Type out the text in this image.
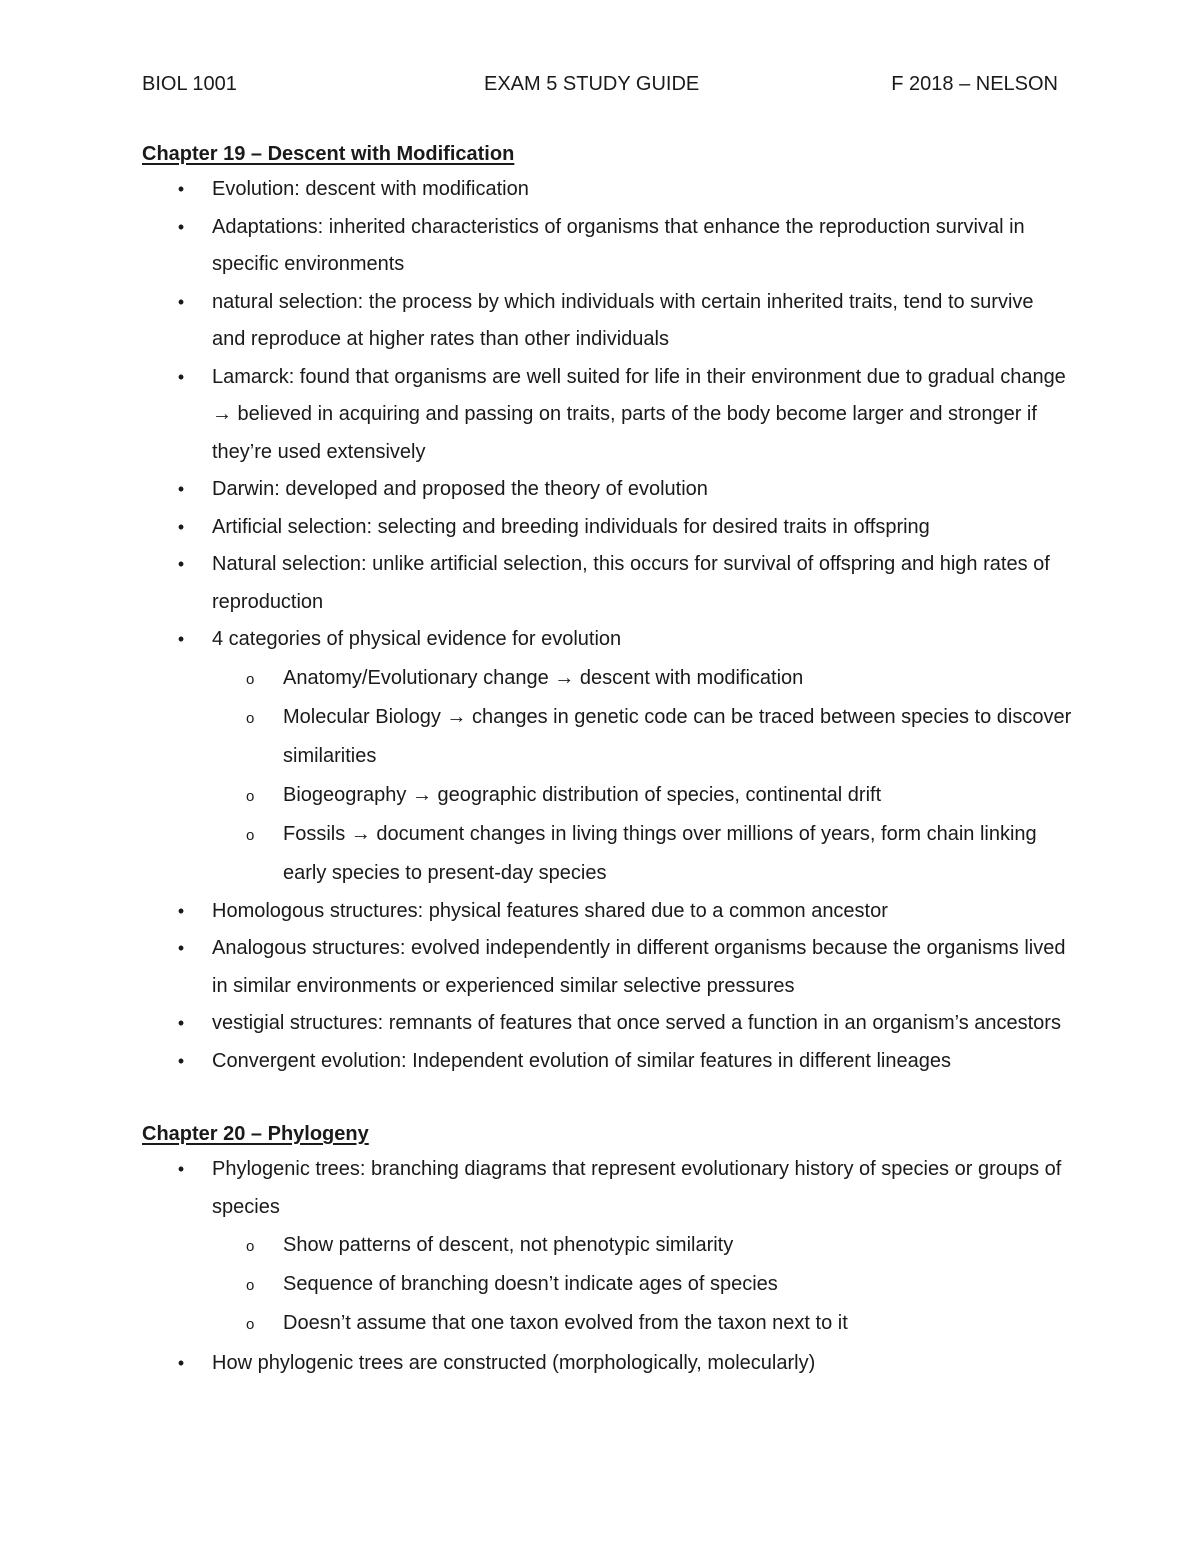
BIOL 1001	EXAM 5 STUDY GUIDE	F 2018 – NELSON
Chapter 19 – Descent with Modification
• Evolution: descent with modification
• Adaptations: inherited characteristics of organisms that enhance the reproduction survival in specific environments
• natural selection: the process by which individuals with certain inherited traits, tend to survive and reproduce at higher rates than other individuals
• Lamarck: found that organisms are well suited for life in their environment due to gradual change → believed in acquiring and passing on traits, parts of the body become larger and stronger if they’re used extensively
• Darwin: developed and proposed the theory of evolution
• Artificial selection: selecting and breeding individuals for desired traits in offspring
• Natural selection: unlike artificial selection, this occurs for survival of offspring and high rates of reproduction
• 4 categories of physical evidence for evolution
o Anatomy/Evolutionary change → descent with modification
o Molecular Biology → changes in genetic code can be traced between species to discover similarities
o Biogeography → geographic distribution of species, continental drift
o Fossils → document changes in living things over millions of years, form chain linking early species to present-day species
• Homologous structures: physical features shared due to a common ancestor
• Analogous structures: evolved independently in different organisms because the organisms lived in similar environments or experienced similar selective pressures
• vestigial structures: remnants of features that once served a function in an organism’s ancestors
• Convergent evolution: Independent evolution of similar features in different lineages
Chapter 20 – Phylogeny
• Phylogenic trees: branching diagrams that represent evolutionary history of species or groups of species
o Show patterns of descent, not phenotypic similarity
o Sequence of branching doesn’t indicate ages of species
o Doesn’t assume that one taxon evolved from the taxon next to it
• How phylogenic trees are constructed (morphologically, molecularly)
